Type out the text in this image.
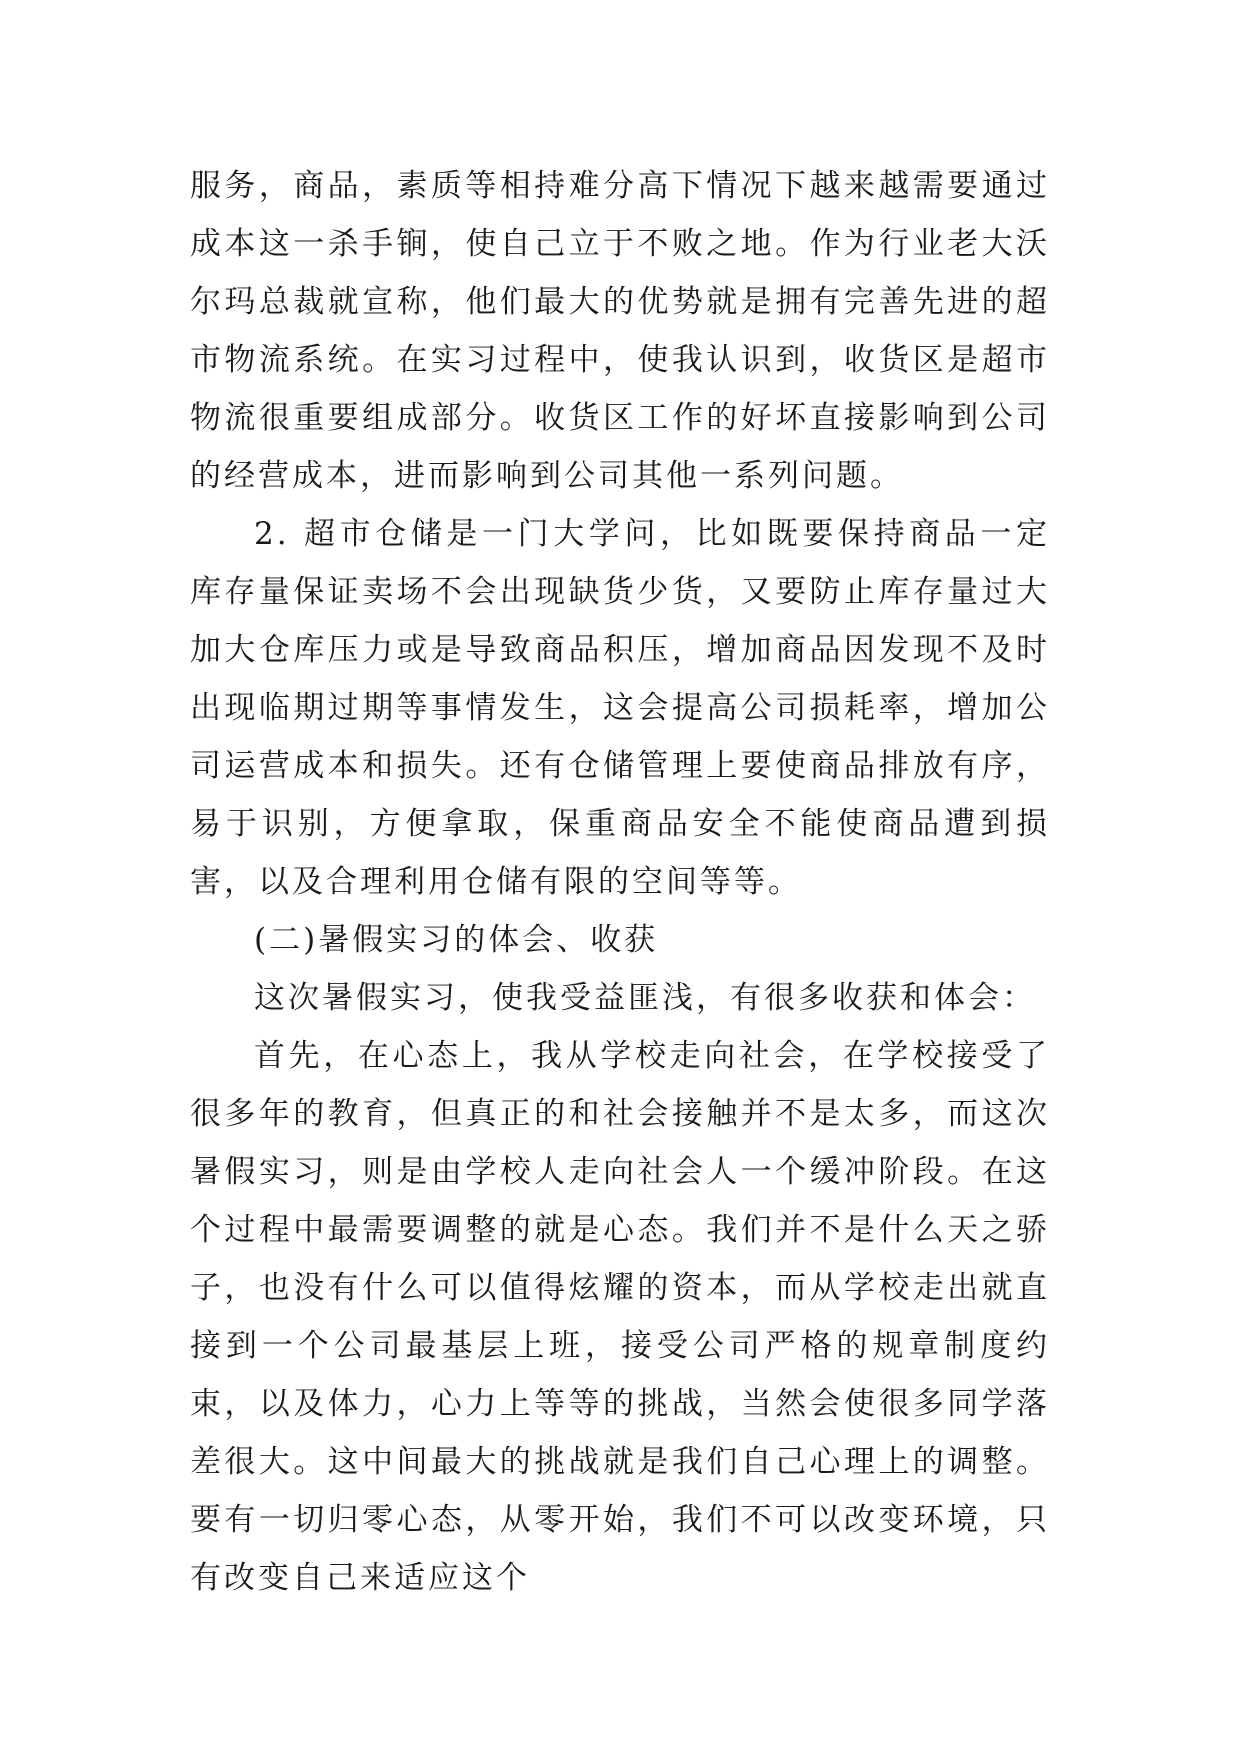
服务，商品，素质等相持难分高下情况下越来越需要通过成本这一杀手锏，使自己立于不败之地。作为行业老大沃尔玛总裁就宣称，他们最大的优势就是拥有完善先进的超市物流系统。在实习过程中，使我认识到，收货区是超市物流很重要组成部分。收货区工作的好坏直接影响到公司的经营成本，进而影响到公司其他一系列问题。

2. 超市仓储是一门大学问，比如既要保持商品一定库存量保证卖场不会出现缺货少货，又要防止库存量过大加大仓库压力或是导致商品积压，增加商品因发现不及时出现临期过期等事情发生，这会提高公司损耗率，增加公司运营成本和损失。还有仓储管理上要使商品排放有序，易于识别，方便拿取，保重商品安全不能使商品遭到损害，以及合理利用仓储有限的空间等等。

(二)暑假实习的体会、收获

这次暑假实习，使我受益匪浅，有很多收获和体会：

首先，在心态上，我从学校走向社会，在学校接受了很多年的教育，但真正的和社会接触并不是太多，而这次暑假实习，则是由学校人走向社会人一个缓冲阶段。在这个过程中最需要调整的就是心态。我们并不是什么天之骄子，也没有什么可以值得炫耀的资本，而从学校走出就直接到一个公司最基层上班，接受公司严格的规章制度约束，以及体力，心力上等等的挑战，当然会使很多同学落差很大。这中间最大的挑战就是我们自己心理上的调整。要有一切归零心态，从零开始，我们不可以改变环境，只有改变自己来适应这个
